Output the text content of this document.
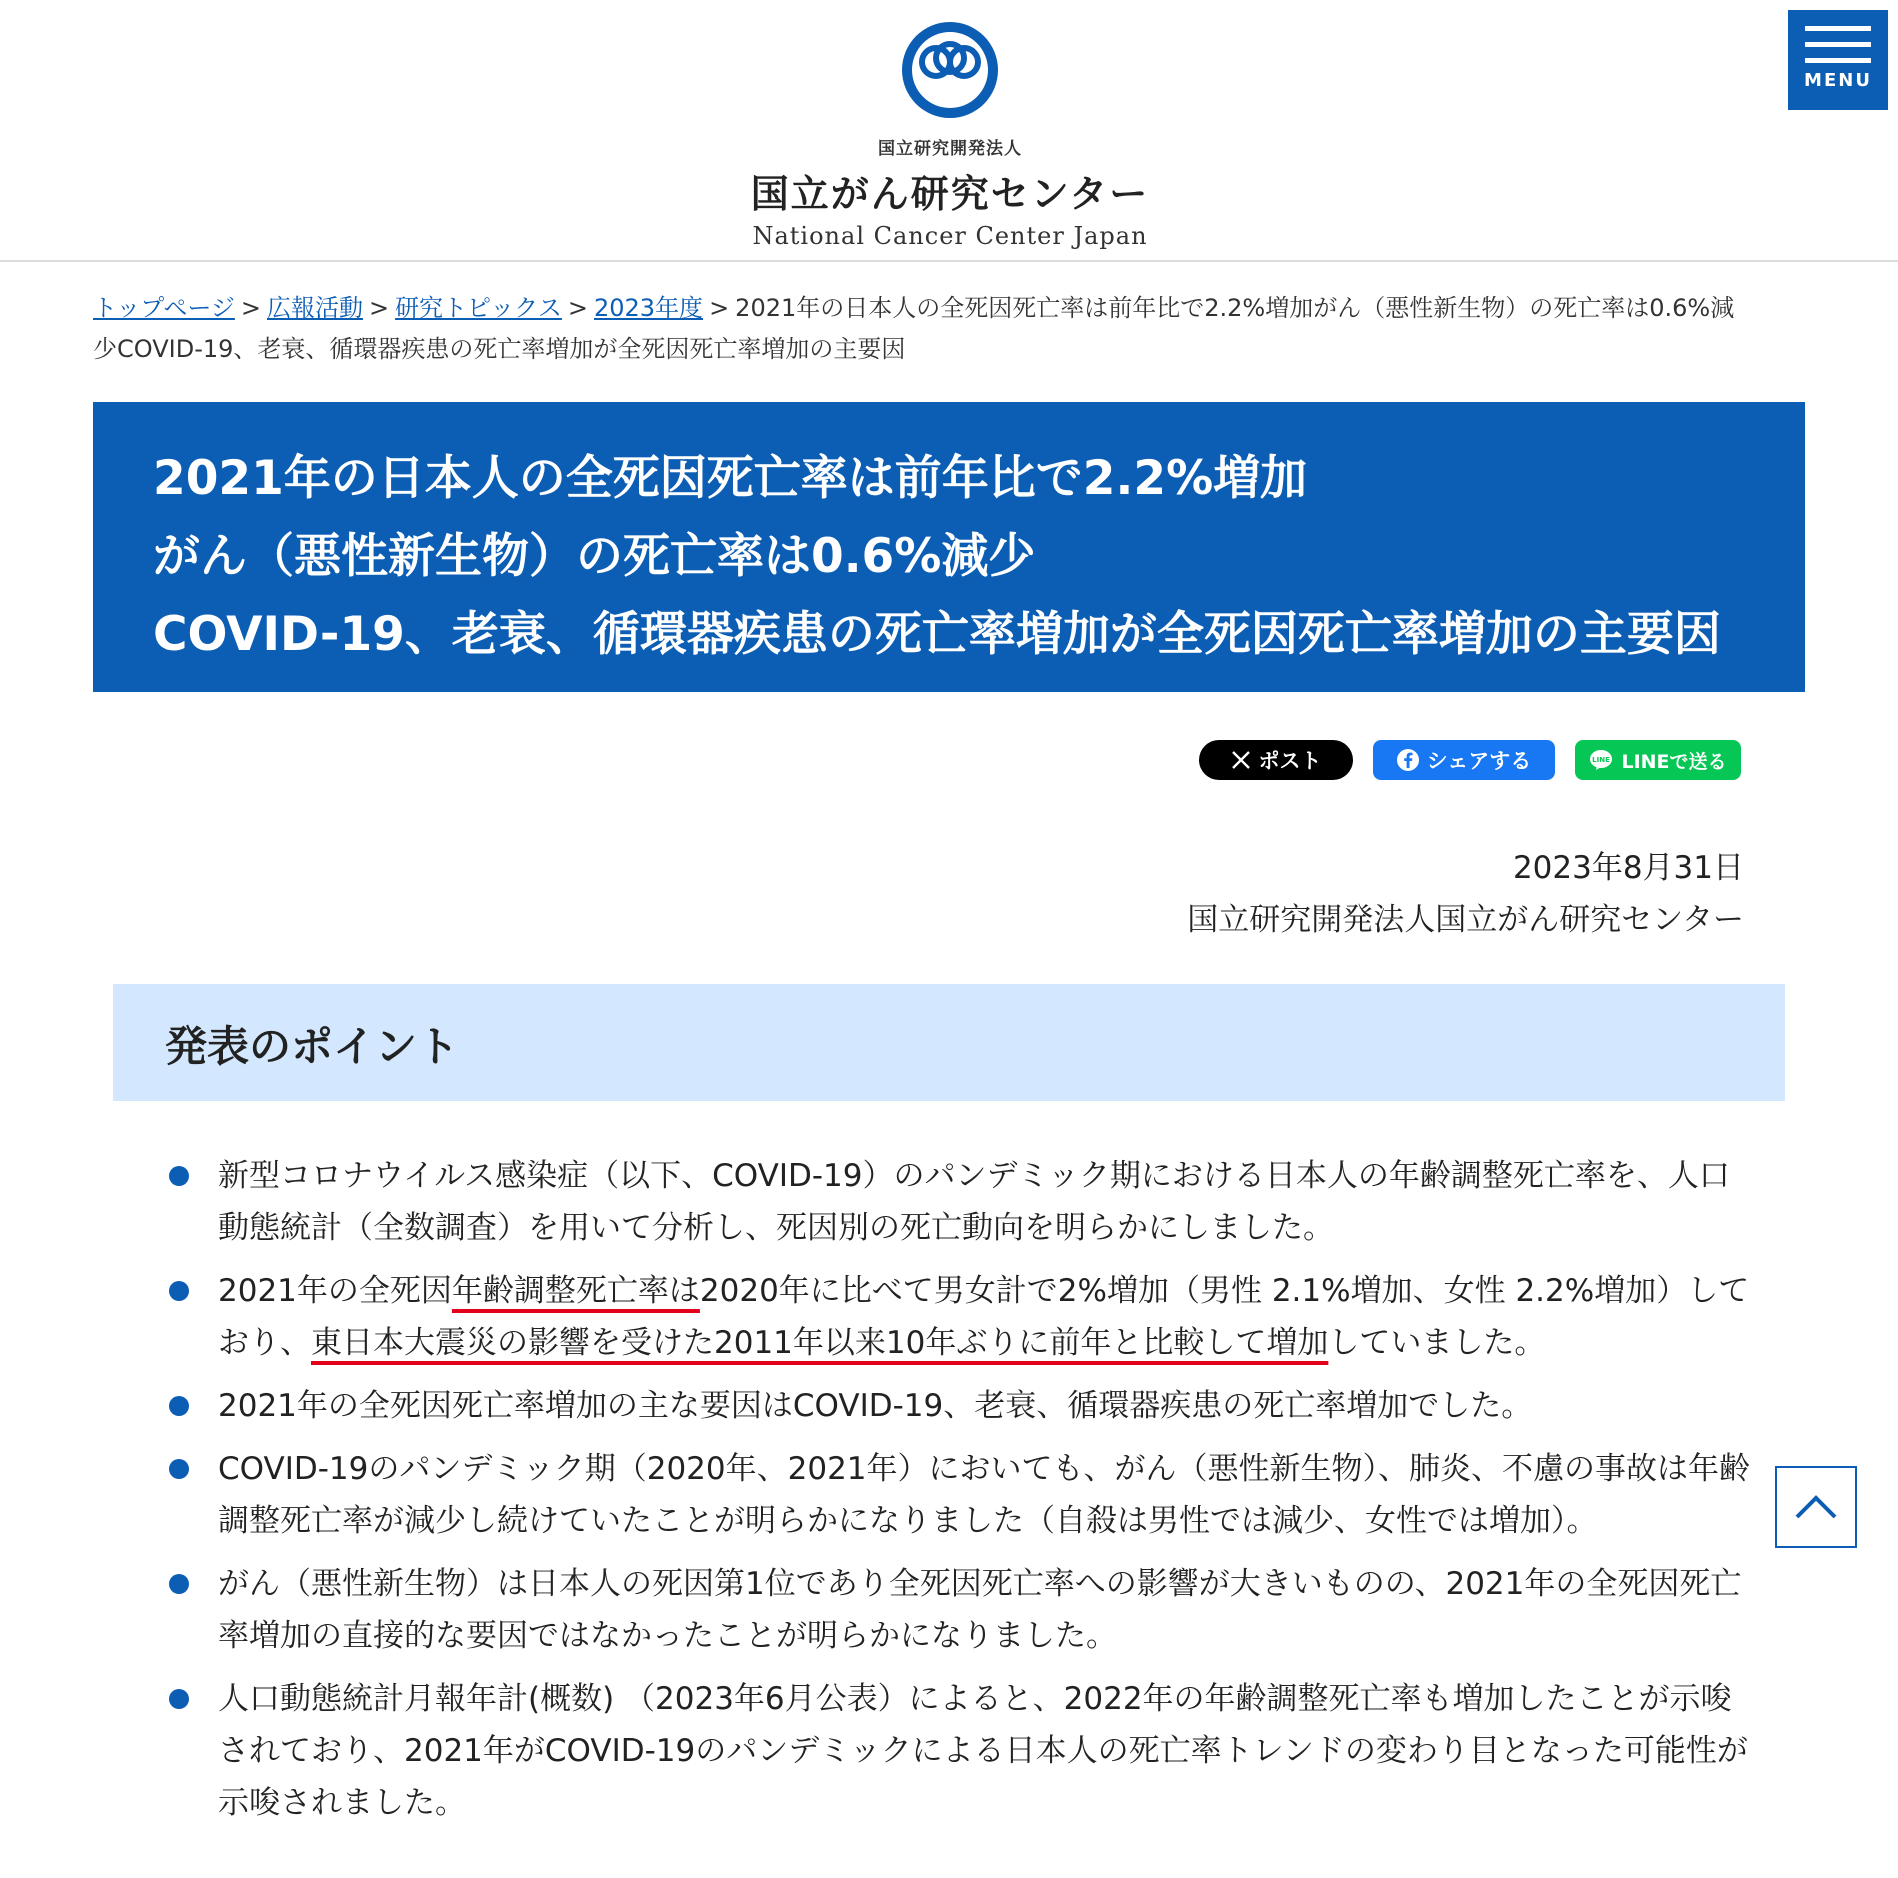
国立研究開発法人
国立がん研究センター
National Cancer Center Japan
MENU
トップページ > 広報活動 > 研究トピックス > 2023年度 > 2021年の日本人の全死因死亡率は前年比で2.2%増加がん（悪性新生物）の死亡率は0.6%減少COVID-19、老衰、循環器疾患の死亡率増加が全死因死亡率増加の主要因
2021年の日本人の全死因死亡率は前年比で2.2%増加
がん（悪性新生物）の死亡率は0.6%減少
COVID-19、老衰、循環器疾患の死亡率増加が全死因死亡率増加の主要因
ポスト	シェアする	LINE LINEで送る
2023年8月31日
国立研究開発法人国立がん研究センター
発表のポイント
新型コロナウイルス感染症（以下、COVID-19）のパンデミック期における日本人の年齢調整死亡率を、人口動態統計（全数調査）を用いて分析し、死因別の死亡動向を明らかにしました。
2021年の全死因年齢調整死亡率は2020年に比べて男女計で2%増加（男性 2.1%増加、女性 2.2%増加）しており、東日本大震災の影響を受けた2011年以来10年ぶりに前年と比較して増加していました。
2021年の全死因死亡率増加の主な要因はCOVID-19、老衰、循環器疾患の死亡率増加でした。
COVID-19のパンデミック期（2020年、2021年）においても、がん（悪性新生物）、肺炎、不慮の事故は年齢調整死亡率が減少し続けていたことが明らかになりました（自殺は男性では減少、女性では増加）。
がん（悪性新生物）は日本人の死因第1位であり全死因死亡率への影響が大きいものの、2021年の全死因死亡率増加の直接的な要因ではなかったことが明らかになりました。
人口動態統計月報年計(概数) （2023年6月公表）によると、2022年の年齢調整死亡率も増加したことが示唆されており、2021年がCOVID-19のパンデミックによる日本人の死亡率トレンドの変わり目となった可能性が示唆されました。
